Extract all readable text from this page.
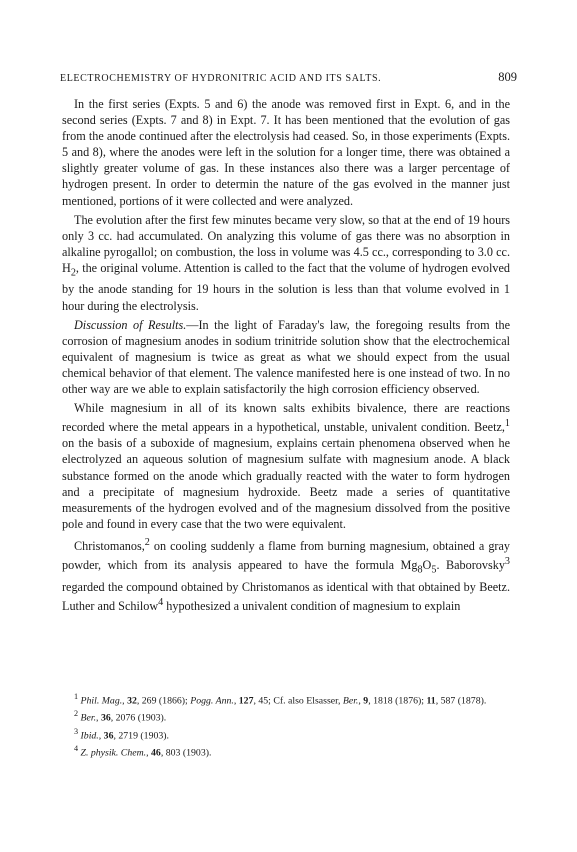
ELECTROCHEMISTRY OF HYDRONITRIC ACID AND ITS SALTS.	809

In the first series (Expts. 5 and 6) the anode was removed first in Expt. 6, and in the second series (Expts. 7 and 8) in Expt. 7. It has been mentioned that the evolution of gas from the anode continued after the electrolysis had ceased. So, in those experiments (Expts. 5 and 8), where the anodes were left in the solution for a longer time, there was obtained a slightly greater volume of gas. In these instances also there was a larger percentage of hydrogen present. In order to determin the nature of the gas evolved in the manner just mentioned, portions of it were collected and were analyzed.

The evolution after the first few minutes became very slow, so that at the end of 19 hours only 3 cc. had accumulated. On analyzing this volume of gas there was no absorption in alkaline pyrogallol; on combustion, the loss in volume was 4.5 cc., corresponding to 3.0 cc. $H_2$, the original volume. Attention is called to the fact that the volume of hydrogen evolved by the anode standing for 19 hours in the solution is less than that volume evolved in 1 hour during the electrolysis.

Discussion of Results.—In the light of Faraday's law, the foregoing results from the corrosion of magnesium anodes in sodium trinitride solution show that the electrochemical equivalent of magnesium is twice as great as what we should expect from the usual chemical behavior of that element. The valence manifested here is one instead of two. In no other way are we able to explain satisfactorily the high corrosion efficiency observed.

While magnesium in all of its known salts exhibits bivalence, there are reactions recorded where the metal appears in a hypothetical, unstable, univalent condition. Beetz,$^1$ on the basis of a suboxide of magnesium, explains certain phenomena observed when he electrolyzed an aqueous solution of magnesium sulfate with magnesium anode. A black substance formed on the anode which gradually reacted with the water to form hydrogen and a precipitate of magnesium hydroxide. Beetz made a series of quantitative measurements of the hydrogen evolved and of the magnesium dissolved from the positive pole and found in every case that the two were equivalent.

Christomanos,$^2$ on cooling suddenly a flame from burning magnesium, obtained a gray powder, which from its analysis appeared to have the formula $Mg_8O_5$. Baborovsky$^3$ regarded the compound obtained by Christomanos as identical with that obtained by Beetz. Luther and Schilow$^4$ hypothesized a univalent condition of magnesium to explain

$^1$ Phil. Mag., 32, 269 (1866); Pogg. Ann., 127, 45; Cf. also Elsasser, Ber., 9, 1818 (1876); 11, 587 (1878).

$^2$ Ber., 36, 2076 (1903).

$^3$ Ibid., 36, 2719 (1903).

$^4$ Z. physik. Chem., 46, 803 (1903).
